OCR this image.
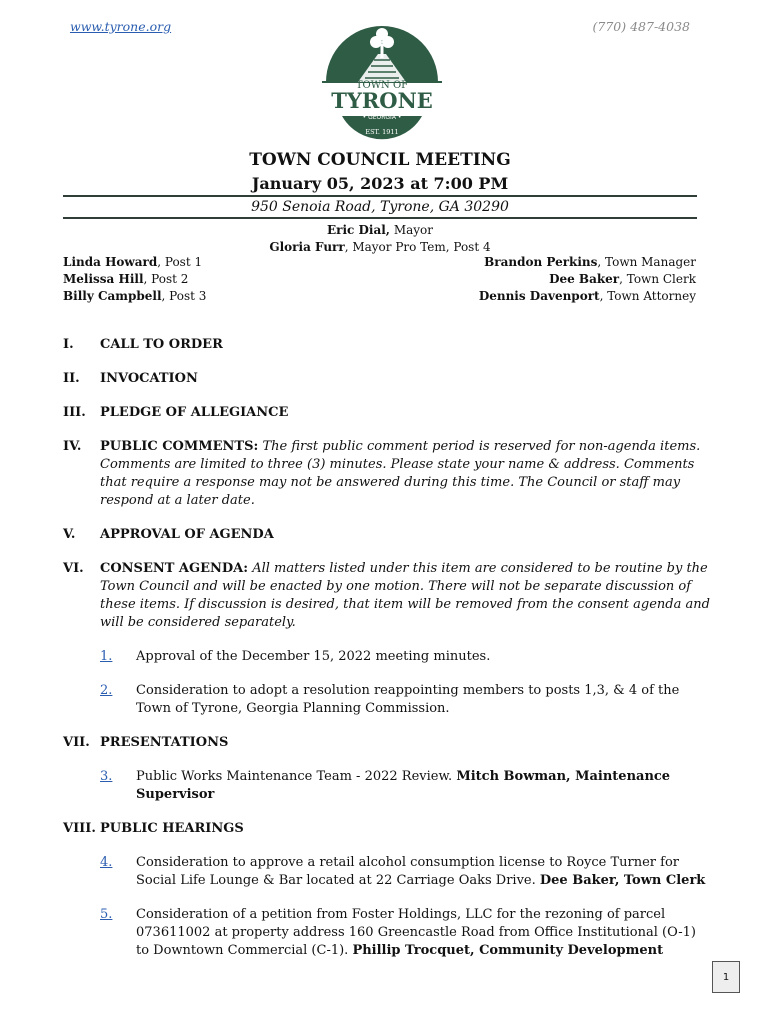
www.tyrone.org	(770) 487-4038
TOWN OF
TYRONE
• GEORGIA •
EST. 1911
TOWN COUNCIL MEETING
January 05, 2023 at 7:00 PM
950 Senoia Road, Tyrone, GA 30290
Eric Dial, Mayor
Gloria Furr, Mayor Pro Tem, Post 4
Linda Howard, Post 1
Melissa Hill, Post 2
Billy Campbell, Post 3
Brandon Perkins, Town Manager
Dee Baker, Town Clerk
Dennis Davenport, Town Attorney
I.	CALL TO ORDER
II.	INVOCATION
III.	PLEDGE OF ALLEGIANCE
IV.	PUBLIC COMMENTS: The first public comment period is reserved for non-agenda items. Comments are limited to three (3) minutes. Please state your name & address. Comments that require a response may not be answered during this time. The Council or staff may respond at a later date.
V.	APPROVAL OF AGENDA
VI.	CONSENT AGENDA: All matters listed under this item are considered to be routine by the Town Council and will be enacted by one motion. There will not be separate discussion of these items. If discussion is desired, that item will be removed from the consent agenda and will be considered separately.
1.	Approval of the December 15, 2022 meeting minutes.
2.	Consideration to adopt a resolution reappointing members to posts 1,3, & 4 of the Town of Tyrone, Georgia Planning Commission.
VII. PRESENTATIONS
3.	Public Works Maintenance Team - 2022 Review. Mitch Bowman, Maintenance Supervisor
VIII. PUBLIC HEARINGS
4.	Consideration to approve a retail alcohol consumption license to Royce Turner for Social Life Lounge & Bar located at 22 Carriage Oaks Drive. Dee Baker, Town Clerk
5.	Consideration of a petition from Foster Holdings, LLC for the rezoning of parcel 073611002 at property address 160 Greencastle Road from Office Institutional (O-1) to Downtown Commercial (C-1). Phillip Trocquet, Community Development
1
